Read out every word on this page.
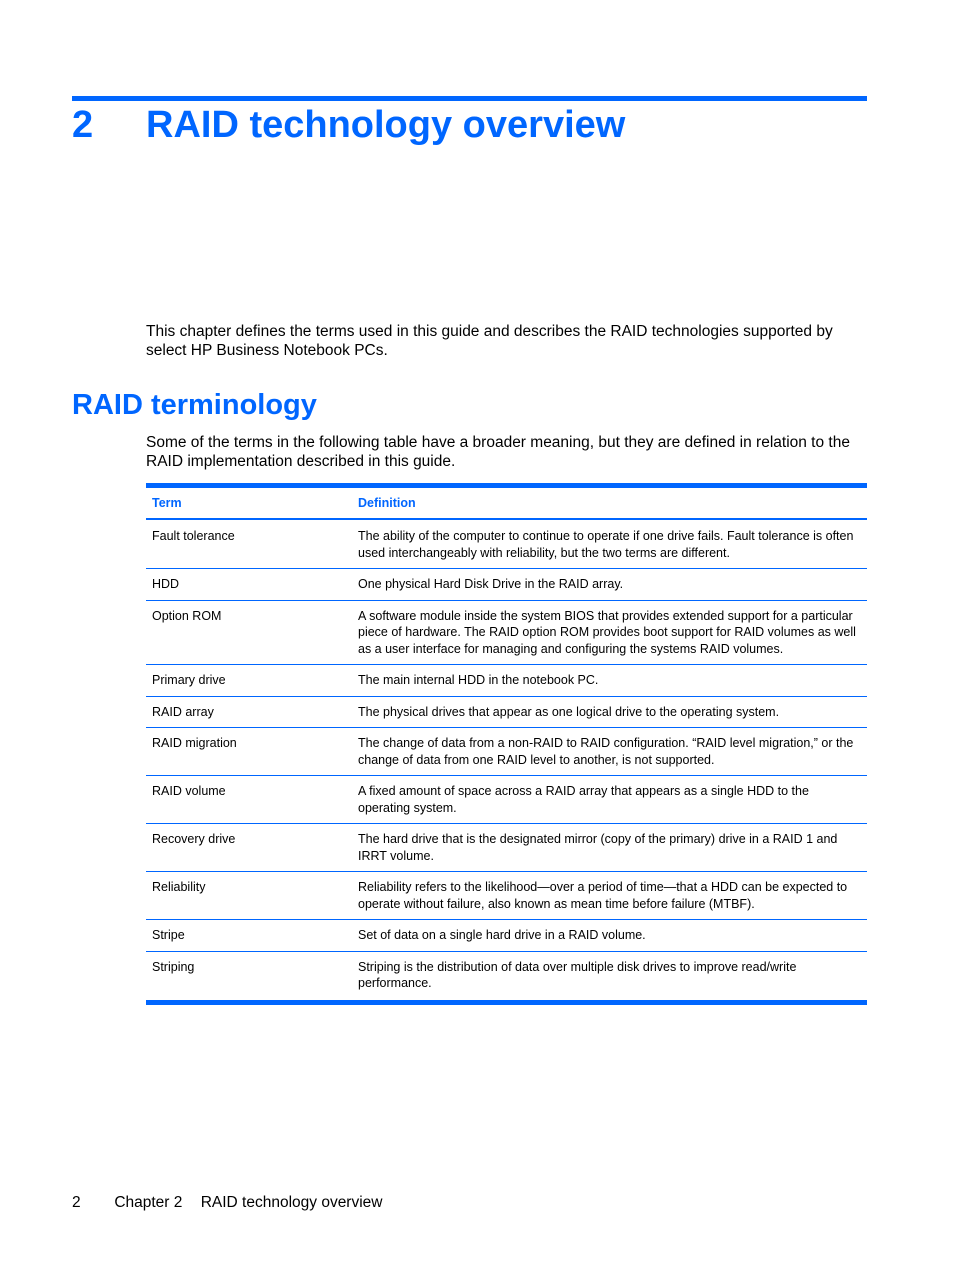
2 RAID technology overview

This chapter defines the terms used in this guide and describes the RAID technologies supported by select HP Business Notebook PCs.

RAID terminology

Some of the terms in the following table have a broader meaning, but they are defined in relation to the RAID implementation described in this guide.

Term	Definition
Fault tolerance	The ability of the computer to continue to operate if one drive fails. Fault tolerance is often used interchangeably with reliability, but the two terms are different.
HDD	One physical Hard Disk Drive in the RAID array.
Option ROM	A software module inside the system BIOS that provides extended support for a particular piece of hardware. The RAID option ROM provides boot support for RAID volumes as well as a user interface for managing and configuring the systems RAID volumes.
Primary drive	The main internal HDD in the notebook PC.
RAID array	The physical drives that appear as one logical drive to the operating system.
RAID migration	The change of data from a non-RAID to RAID configuration. “RAID level migration,” or the change of data from one RAID level to another, is not supported.
RAID volume	A fixed amount of space across a RAID array that appears as a single HDD to the operating system.
Recovery drive	The hard drive that is the designated mirror (copy of the primary) drive in a RAID 1 and IRRT volume.
Reliability	Reliability refers to the likelihood—over a period of time—that a HDD can be expected to operate without failure, also known as mean time before failure (MTBF).
Stripe	Set of data on a single hard drive in a RAID volume.
Striping	Striping is the distribution of data over multiple disk drives to improve read/write performance.
2 Chapter 2 RAID technology overview
